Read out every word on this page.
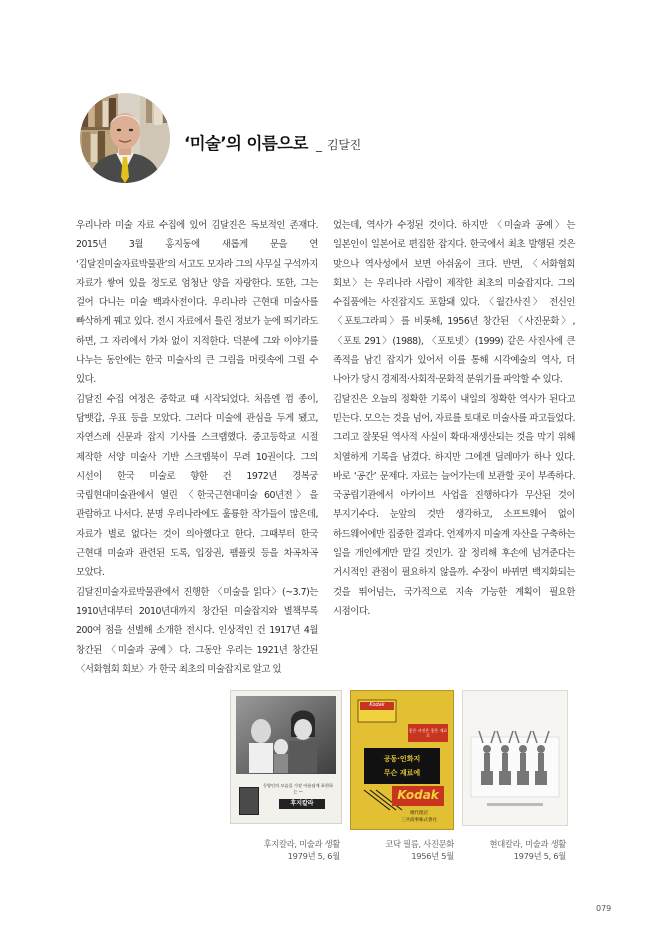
‘미술’의 이름으로 _ 김달진

우리나라 미술 자료 수집에 있어 김달진은 독보적인 존재다. 2015년 3월 홍지동에 새롭게 문을 연 ‘김달진미술자료박물관’의 서고도 모자라 그의 사무실 구석까지 자료가 쌓여 있을 정도로 엄청난 양을 자랑한다. 또한, 그는 걸어 다니는 미술 백과사전이다. 우리나라 근현대 미술사를 빠삭하게 꿰고 있다. 전시 자료에서 틀린 정보가 눈에 띄기라도 하면, 그 자리에서 가차 없이 지적한다. 덕분에 그와 이야기를 나누는 동안에는 한국 미술사의 큰 그림을 머릿속에 그릴 수 있다.

김달진 수집 여정은 중학교 때 시작되었다. 처음엔 껌 종이, 담뱃갑, 우표 등을 모았다. 그러다 미술에 관심을 두게 됐고, 자연스레 신문과 잡지 기사를 스크랩했다. 중고등학교 시절 제작한 서양 미술사 기반 스크랩북이 무려 10권이다. 그의 시선이 한국 미술로 향한 건 1972년 경복궁 국립현대미술관에서 열린 〈한국근현대미술 60년전〉을 관람하고 나서다. 분명 우리나라에도 훌륭한 작가들이 많은데, 자료가 별로 없다는 것이 의아했다고 한다. 그때부터 한국 근현대 미술과 관련된 도록, 입장권, 팸플릿 등을 차곡차곡 모았다.

김달진미술자료박물관에서 진행한 〈미술을 읽다〉(~3.7)는 1910년대부터 2010년대까지 창간된 미술잡지와 별책부록 200여 점을 선별해 소개한 전시다. 인상적인 건 1917년 4월 창간된 〈미술과 공예〉다. 그동안 우리는 1921년 창간된 〈서화협회 회보〉가 한국 최초의 미술잡지로 알고 있

었는데, 역사가 수정된 것이다. 하지만 〈미술과 공예〉는 일본인이 일본어로 편집한 잡지다. 한국에서 최초 발행된 것은 맞으나 역사성에서 보면 아쉬움이 크다. 반면, 〈서화협회 회보〉는 우리나라 사람이 제작한 최초의 미술잡지다. 그의 수집품에는 사진잡지도 포함돼 있다. 〈월간사진〉 전신인 〈포토그라피〉를 비롯해, 1956년 창간된 〈사진문화〉, 〈포토 291〉(1988), 〈포토넷〉(1999) 같은 사진사에 큰 족적을 남긴 잡지가 있어서 이를 통해 시각예술의 역사, 더 나아가 당시 경제적·사회적·문화적 분위기를 파악할 수 있다.

김달진은 오늘의 정확한 기록이 내일의 정확한 역사가 된다고 믿는다. 모으는 것을 넘어, 자료를 토대로 미술사를 파고들었다. 그리고 잘못된 역사적 사실이 확대·재생산되는 것을 막기 위해 치열하게 기록을 남겼다. 하지만 그에겐 딜레마가 하나 있다. 바로 ‘공간’ 문제다. 자료는 늘어가는데 보관할 곳이 부족하다. 국공립기관에서 아카이브 사업을 진행하다가 무산된 것이 부지기수다. 눈앞의 것만 생각하고, 소프트웨어 없이 하드웨어에만 집중한 결과다. 언제까지 미술계 자산을 구축하는 일을 개인에게만 맡길 것인가. 잘 정리해 후손에 넘겨준다는 거시적인 관점이 필요하지 않을까. 수장이 바뀌면 백지화되는 것을 뛰어넘는, 국가적으로 지속 가능한 계획이 필요한 시점이다.

동양인의 모습을 가장 아름답게 표현하는 —
후지칼라
후지칼라, 미술과 생활
1979년 5, 6월
Kodak
좋은 사진은 좋은 재료로
공동·인화지
무슨 재료에
Kodak
總代理店
三共商事株式會社
코닥 필름, 사진문화
1956년 5월
현대칼라, 미술과 생활
1979년 5, 6월
079
